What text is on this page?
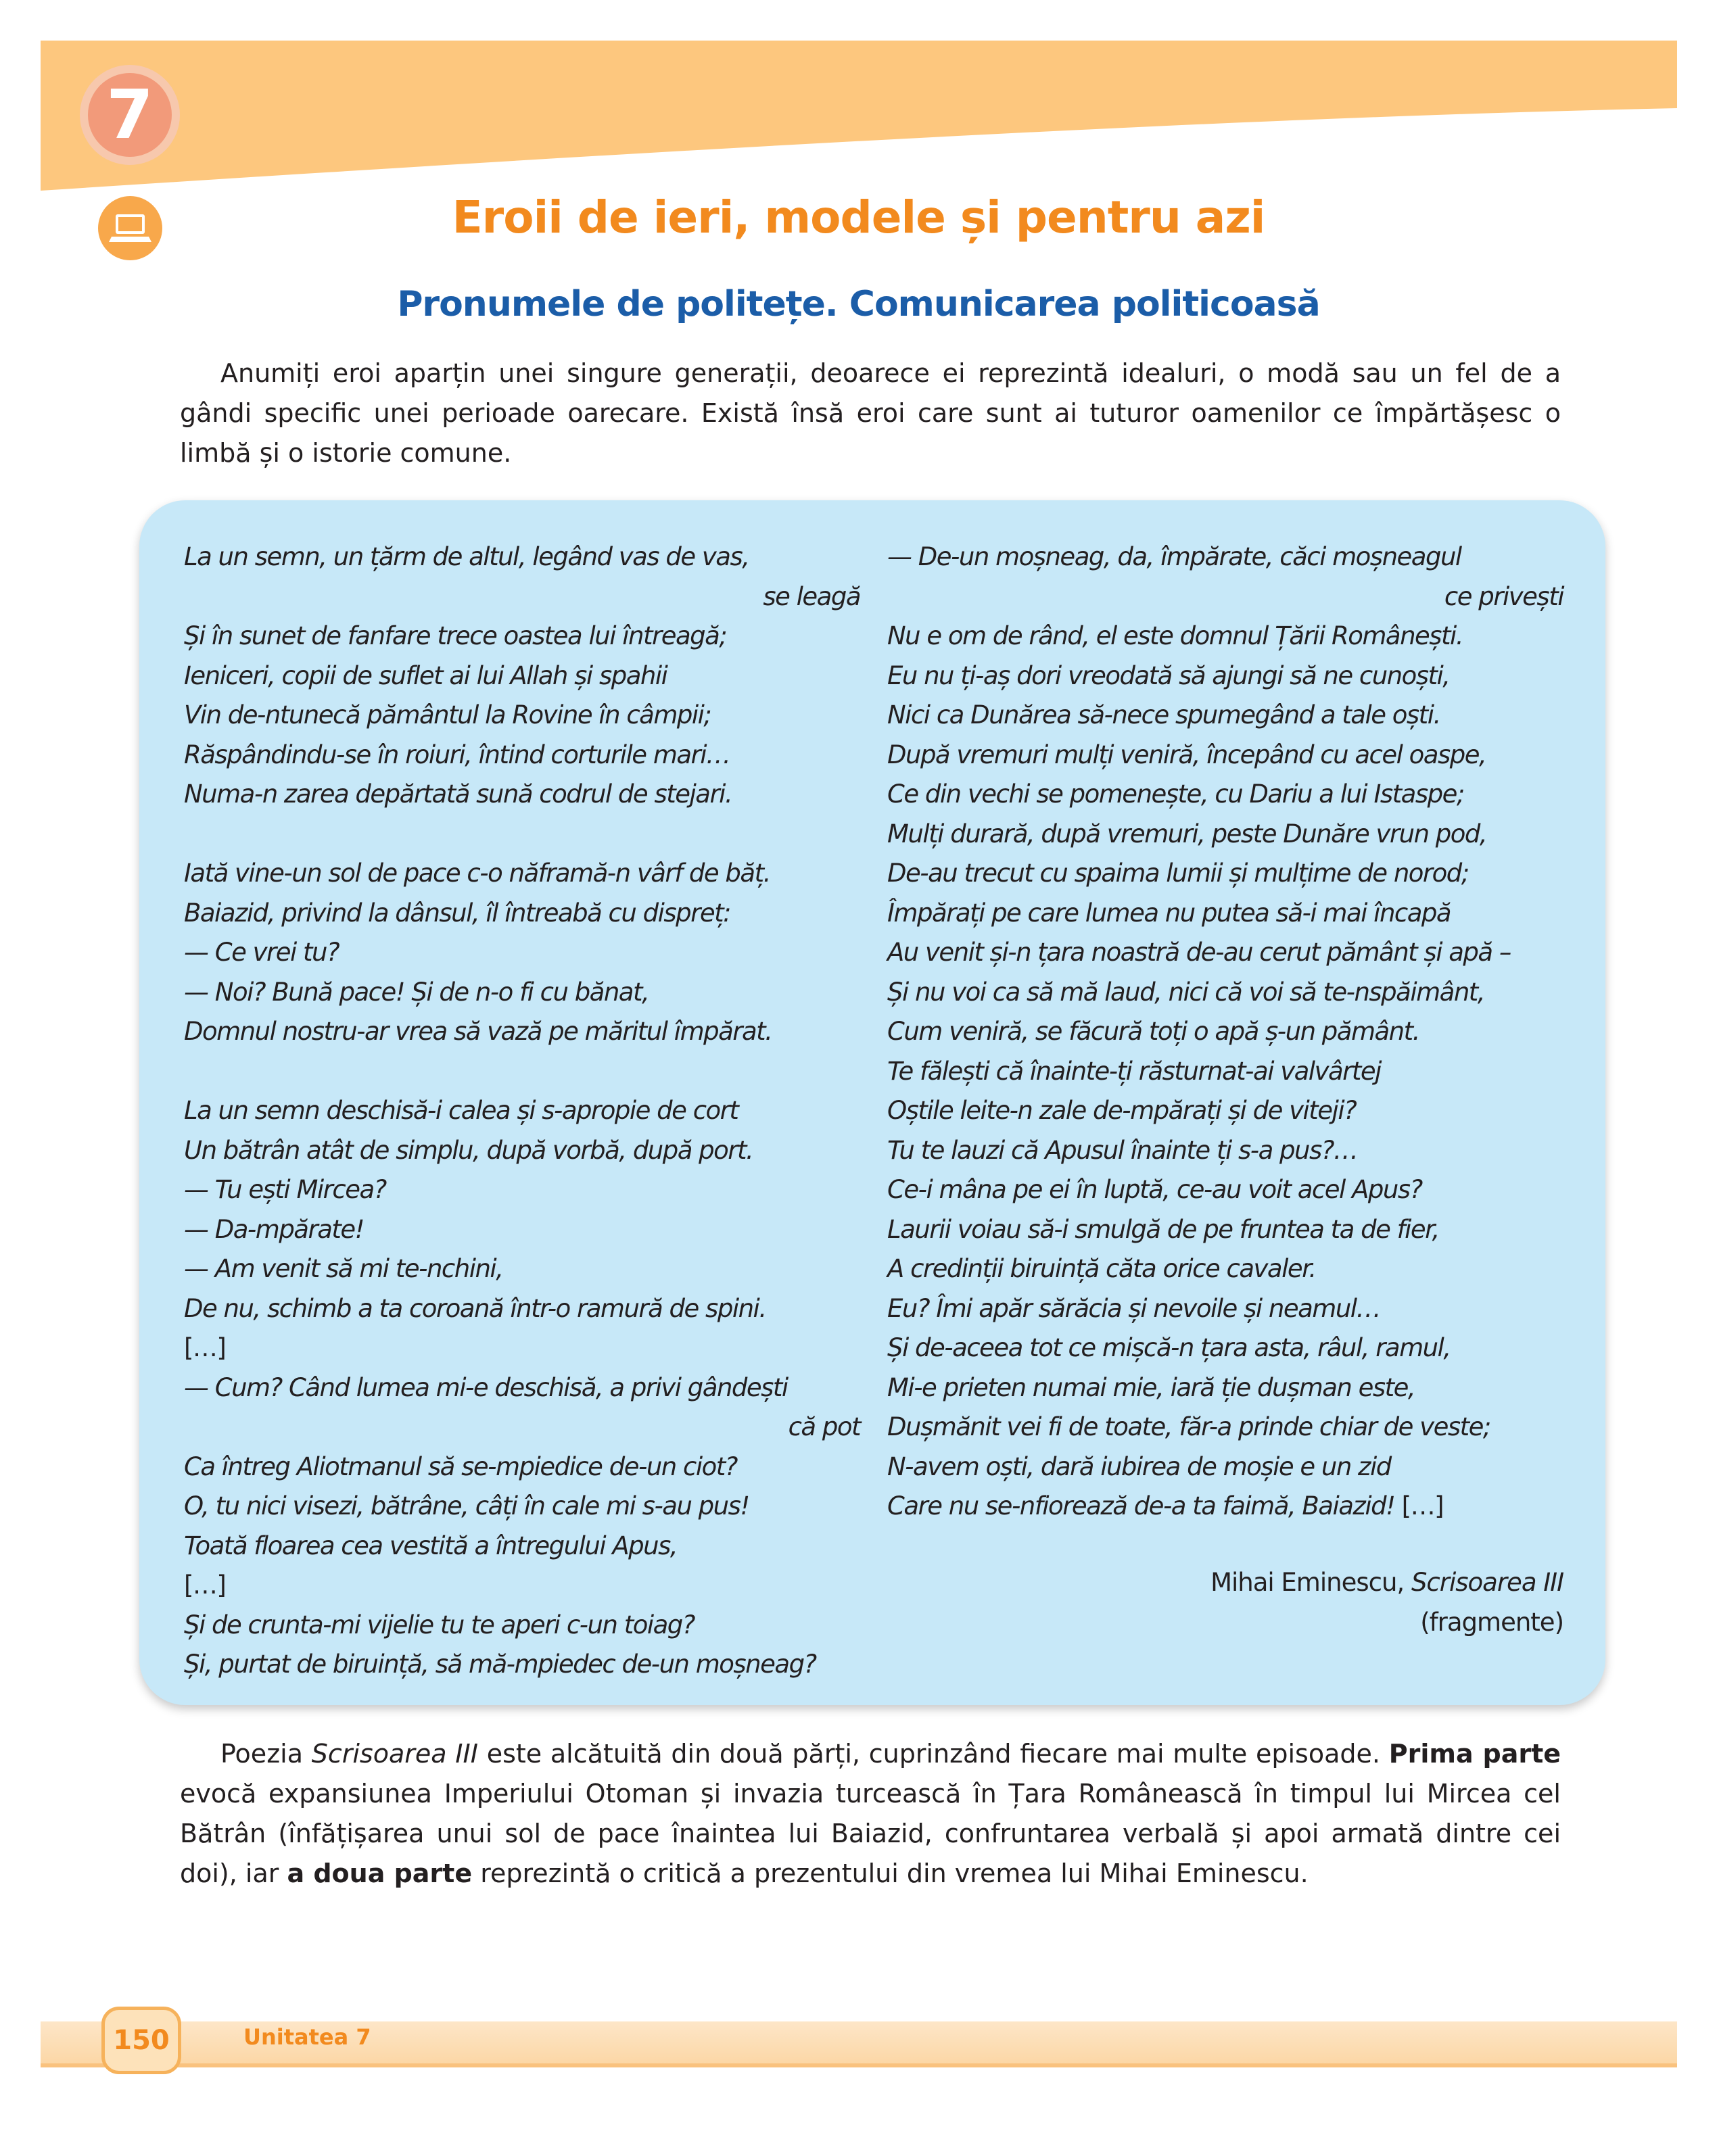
7
Eroii de ieri, modele și pentru azi
Pronumele de politețe. Comunicarea politicoasă

Anumiți eroi aparțin unei singure generații, deoarece ei reprezintă idealuri, o modă sau un fel de a gândi specific unei perioade oarecare. Există însă eroi care sunt ai tuturor oamenilor ce împărtășesc o limbă și o istorie comune.

La un semn, un țărm de altul, legând vas de vas,
se leagă
Și în sunet de fanfare trece oastea lui întreagă;
Ieniceri, copii de suflet ai lui Allah și spahii
Vin de-ntunecă pământul la Rovine în câmpii;
Răspândindu-se în roiuri, întind corturile mari…
Numa-n zarea depărtată sună codrul de stejari.
Iată vine-un sol de pace c-o năframă-n vârf de băț.
Baiazid, privind la dânsul, îl întreabă cu dispreț:
— Ce vrei tu?
— Noi? Bună pace! Și de n-o fi cu bănat,
Domnul nostru-ar vrea să vază pe măritul împărat.
La un semn deschisă-i calea și s-apropie de cort
Un bătrân atât de simplu, după vorbă, după port.
— Tu ești Mircea?
— Da-mpărate!
— Am venit să mi te-nchini,
De nu, schimb a ta coroană într-o ramură de spini.
[…]
— Cum? Când lumea mi-e deschisă, a privi gândești
că pot
Ca întreg Aliotmanul să se-mpiedice de-un ciot?
O, tu nici visezi, bătrâne, câți în cale mi s-au pus!
Toată floarea cea vestită a întregului Apus,
[…]
Și de crunta-mi vijelie tu te aperi c-un toiag?
Și, purtat de biruință, să mă-mpiedec de-un moșneag?
— De-un moșneag, da, împărate, căci moșneagul
ce privești
Nu e om de rând, el este domnul Țării Românești.
Eu nu ți-aș dori vreodată să ajungi să ne cunoști,
Nici ca Dunărea să-nece spumegând a tale oști.
După vremuri mulți veniră, începând cu acel oaspe,
Ce din vechi se pomenește, cu Dariu a lui Istaspe;
Mulți durară, după vremuri, peste Dunăre vrun pod,
De-au trecut cu spaima lumii și mulțime de norod;
Împărați pe care lumea nu putea să-i mai încapă
Au venit și-n țara noastră de-au cerut pământ și apă –
Și nu voi ca să mă laud, nici că voi să te-nspăimânt,
Cum veniră, se făcură toți o apă ș-un pământ.
Te fălești că înainte-ți răsturnat-ai valvârtej
Oștile leite-n zale de-mpărați și de viteji?
Tu te lauzi că Apusul înainte ți s-a pus?…
Ce-i mâna pe ei în luptă, ce-au voit acel Apus?
Laurii voiau să-i smulgă de pe fruntea ta de fier,
A credinții biruință căta orice cavaler.
Eu? Îmi apăr sărăcia și nevoile și neamul…
Și de-aceea tot ce mișcă-n țara asta, râul, ramul,
Mi-e prieten numai mie, iară ție dușman este,
Dușmănit vei fi de toate, făr-a prinde chiar de veste;
N-avem oști, dară iubirea de moșie e un zid
Care nu se-nfiorează de-a ta faimă, Baiazid! […]
Mihai Eminescu, Scrisoarea III
(fragmente)

Poezia Scrisoarea III este alcătuită din două părți, cuprinzând fiecare mai multe episoade. Prima parte evocă expansiunea Imperiului Otoman și invazia turcească în Țara Românească în timpul lui Mircea cel Bătrân (înfățișarea unui sol de pace înaintea lui Baiazid, confruntarea verbală și apoi armată dintre cei doi), iar a doua parte reprezintă o critică a prezentului din vremea lui Mihai Eminescu.

150	Unitatea 7
